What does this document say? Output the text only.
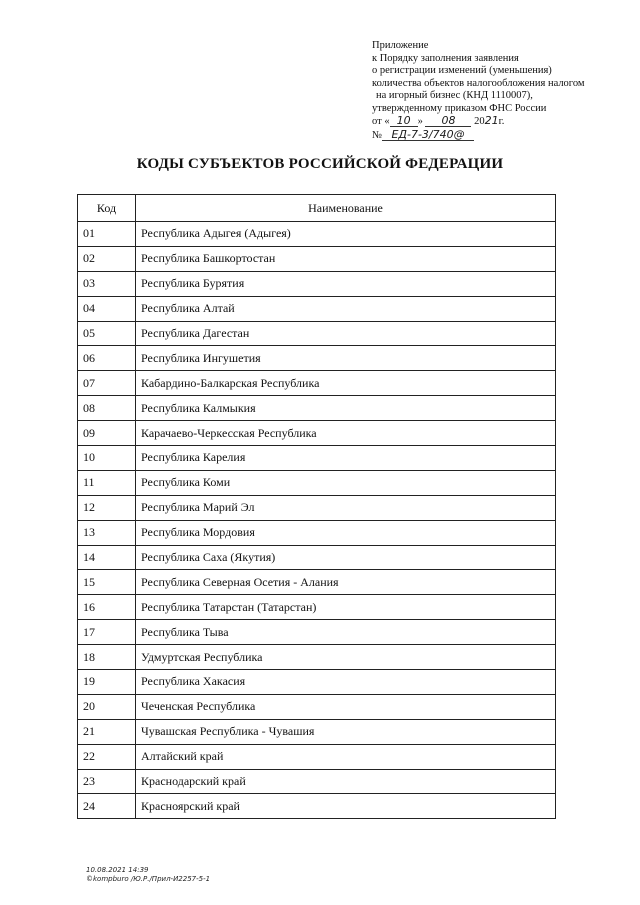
Приложение
к Порядку заполнения заявления
о регистрации изменений (уменьшения)
количества объектов налогообложения налогом
на игорный бизнес (КНД 1110007),
утвержденному приказом ФНС России
от « 10 » 08 2021г.
№ ЕД-7-3/740@
КОДЫ СУБЪЕКТОВ РОССИЙСКОЙ ФЕДЕРАЦИИ
Код	Наименование
01	Республика Адыгея (Адыгея)
02	Республика Башкортостан
03	Республика Бурятия
04	Республика Алтай
05	Республика Дагестан
06	Республика Ингушетия
07	Кабардино-Балкарская Республика
08	Республика Калмыкия
09	Карачаево-Черкесская Республика
10	Республика Карелия
11	Республика Коми
12	Республика Марий Эл
13	Республика Мордовия
14	Республика Саха (Якутия)
15	Республика Северная Осетия - Алания
16	Республика Татарстан (Татарстан)
17	Республика Тыва
18	Удмуртская Республика
19	Республика Хакасия
20	Чеченская Республика
21	Чувашская Республика - Чувашия
22	Алтайский край
23	Краснодарский край
24	Красноярский край
10.08.2021 14:39
©kompburo /Ю.Р./Прил-И2257-5-1
